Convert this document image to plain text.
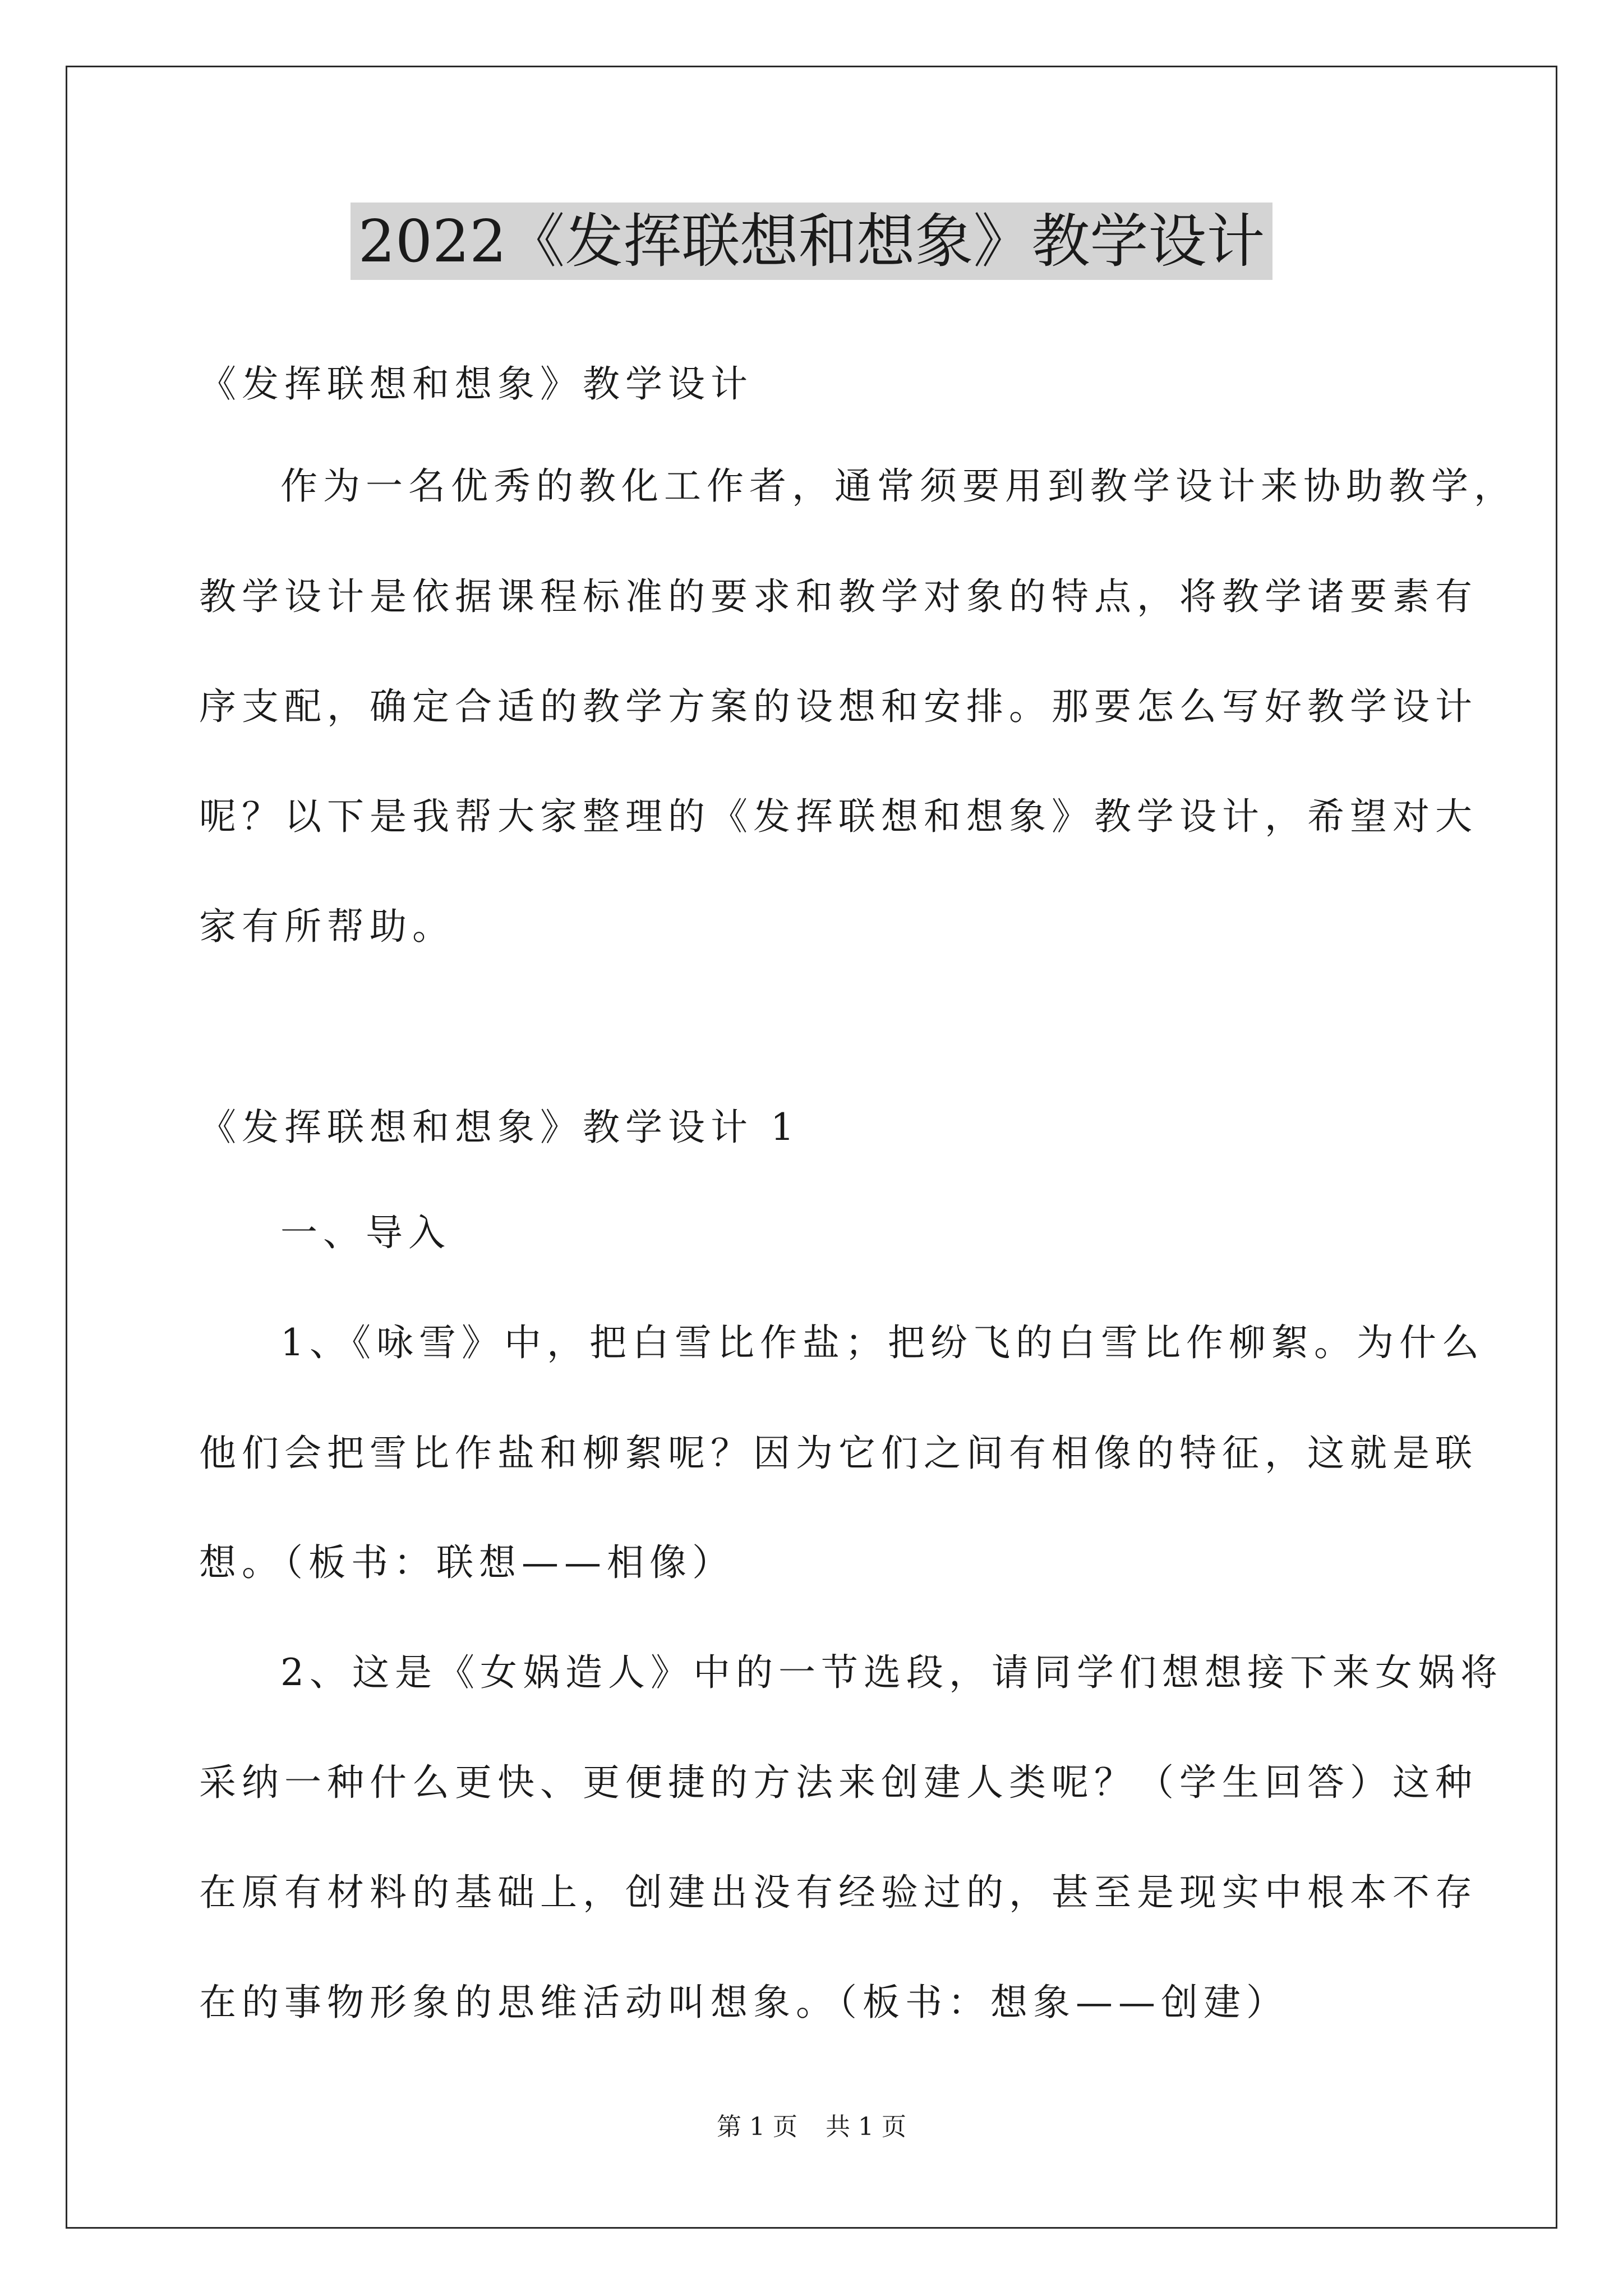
2022《发挥联想和想象》教学设计

《发挥联想和想象》教学设计

作为一名优秀的教化工作者，通常须要用到教学设计来协助教学，

教学设计是依据课程标准的要求和教学对象的特点，将教学诸要素有

序支配，确定合适的教学方案的设想和安排。那要怎么写好教学设计

呢？以下是我帮大家整理的《发挥联想和想象》教学设计，希望对大

家有所帮助。

《发挥联想和想象》教学设计 1

一、导入

1、《咏雪》中，把白雪比作盐；把纷飞的白雪比作柳絮。为什么

他们会把雪比作盐和柳絮呢？因为它们之间有相像的特征，这就是联

想。（板书：联想——相像）

2、这是《女娲造人》中的一节选段，请同学们想想接下来女娲将

采纳一种什么更快、更便捷的方法来创建人类呢？（学生回答）这种

在原有材料的基础上，创建出没有经验过的，甚至是现实中根本不存

在的事物形象的思维活动叫想象。（板书：想象——创建）

第 1 页 共 1 页
